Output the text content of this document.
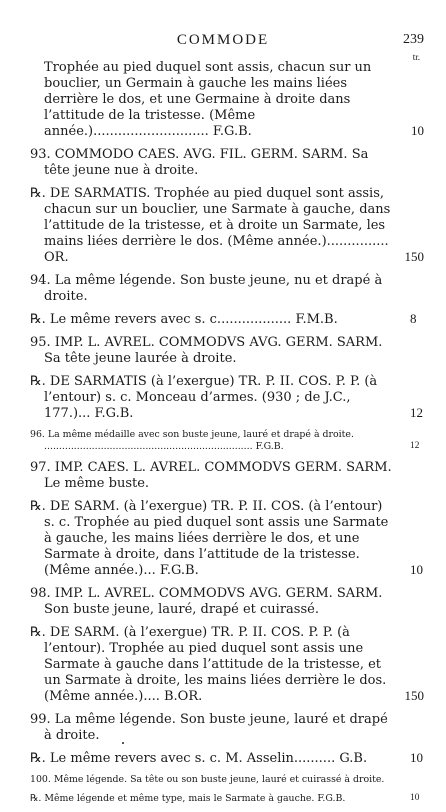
COMMODE	239
tr.
Trophée au pied duquel sont assis, chacun sur un bouclier, un Germain à gauche les mains liées derrière le dos, et une Germaine à droite dans l’attitude de la tristesse. (Même année.)............................ F.G.B.	10
93. COMMODO CAES. AVG. FIL. GERM. SARM. Sa tête jeune nue à droite.
℞. DE SARMATIS. Trophée au pied duquel sont assis, chacun sur un bouclier, une Sarmate à gauche, dans l’attitude de la tristesse, et à droite un Sarmate, les mains liées derrière le dos. (Même année.)............... OR.	150
94. La même légende. Son buste jeune, nu et drapé à droite.
℞. Le même revers avec s. c.................. F.M.B.	8
95. IMP. L. AVREL. COMMODVS AVG. GERM. SARM. Sa tête jeune laurée à droite.
℞. DE SARMATIS (à l’exergue) TR. P. II. COS. P. P. (à l’entour) s. c. Monceau d’armes. (930 ; de J.C., 177.)... F.G.B.	12
96. La même médaille avec son buste jeune, lauré et drapé à droite. ...................................................................... F.G.B.	12
97. IMP. CAES. L. AVREL. COMMODVS GERM. SARM. Le même buste.
℞. DE SARM. (à l’exergue) TR. P. II. COS. (à l’entour) s. c. Trophée au pied duquel sont assis une Sarmate à gauche, les mains liées derrière le dos, et une Sarmate à droite, dans l’attitude de la tristesse. (Même année.)... F.G.B.	10
98. IMP. L. AVREL. COMMODVS AVG. GERM. SARM. Son buste jeune, lauré, drapé et cuirassé.
℞. DE SARM. (à l’exergue) TR. P. II. COS. P. P. (à l’entour). Trophée au pied duquel sont assis une Sarmate à gauche dans l’attitude de la tristesse, et un Sarmate à droite, les mains liées derrière le dos. (Même année.).... B.OR.	150
99. La même légende. Son buste jeune, lauré et drapé à droite.
℞. Le même revers avec s. c. M. Asselin.......... G.B.	10
100. Même légende. Sa tête ou son buste jeune, lauré et cuirassé à droite.
℞. Même légende et même type, mais le Sarmate à gauche. F.G.B.	10
